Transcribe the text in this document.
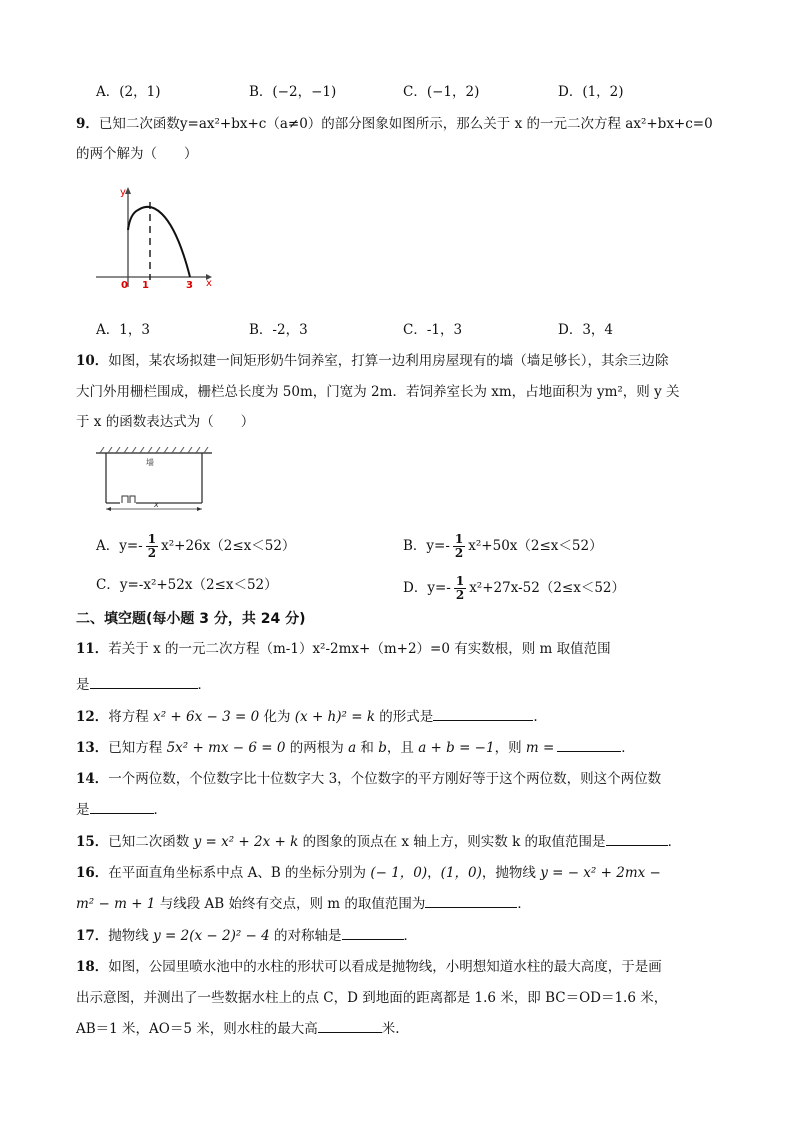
A．(2，1)	B．(−2，−1)	C．(−1，2)	D．(1，2)
9．已知二次函数y=ax²+bx+c（a≠0）的部分图象如图所示，那么关于 x 的一元二次方程 ax²+bx+c=0
的两个解为（　　）
y
x
0 1	3
A．1，3	B．-2，3	C．-1，3	D．3，4
10．如图，某农场拟建一间矩形奶牛饲养室，打算一边利用房屋现有的墙（墙足够长），其余三边除
大门外用栅栏围成，栅栏总长度为 50m，门宽为 2m．若饲养室长为 xm，占地面积为 ym²，则 y 关
于 x 的函数表达式为（　　）
墙
x
A．$y=- \frac{1}{2} x^2+26x(2\le x<52)$	B．$y=- \frac{1}{2} x^2+50x(2\le x<52)$
C．y=-x²+52x（2≤x＜52）	D．$y=- \frac{1}{2} x^2+27x-52(2\le x<52)$
二、填空题(每小题 3 分，共 24 分)
11．若关于 x 的一元二次方程（m-1）x²-2mx+（m+2）=0 有实数根，则 m 取值范围
是	．
12．将方程 x² + 6x − 3 = 0 化为 (x + h)² = k 的形式是	.
13．已知方程 5x² + mx − 6 = 0 的两根为 a 和 b，且 a + b = −1，则 m =	．
14．一个两位数，个位数字比十位数字大 3，个位数字的平方刚好等于这个两位数，则这个两位数
是	．
15．已知二次函数 y = x² + 2x + k 的图象的顶点在 x 轴上方，则实数 k 的取值范围是	．
16．在平面直角坐标系中点 A、B 的坐标分别为 (− 1，0)，(1，0)，抛物线 y = − x² + 2mx −
m² − m + 1 与线段 AB 始终有交点，则 m 的取值范围为	．
17．抛物线 y = 2(x − 2)² − 4 的对称轴是	．
18．如图，公园里喷水池中的水柱的形状可以看成是抛物线，小明想知道水柱的最大高度，于是画
出示意图，并测出了一些数据水柱上的点 C，D 到地面的距离都是 1.6 米，即 BC＝OD＝1.6 米，
AB＝1 米，AO＝5 米，则水柱的最大高	米.
